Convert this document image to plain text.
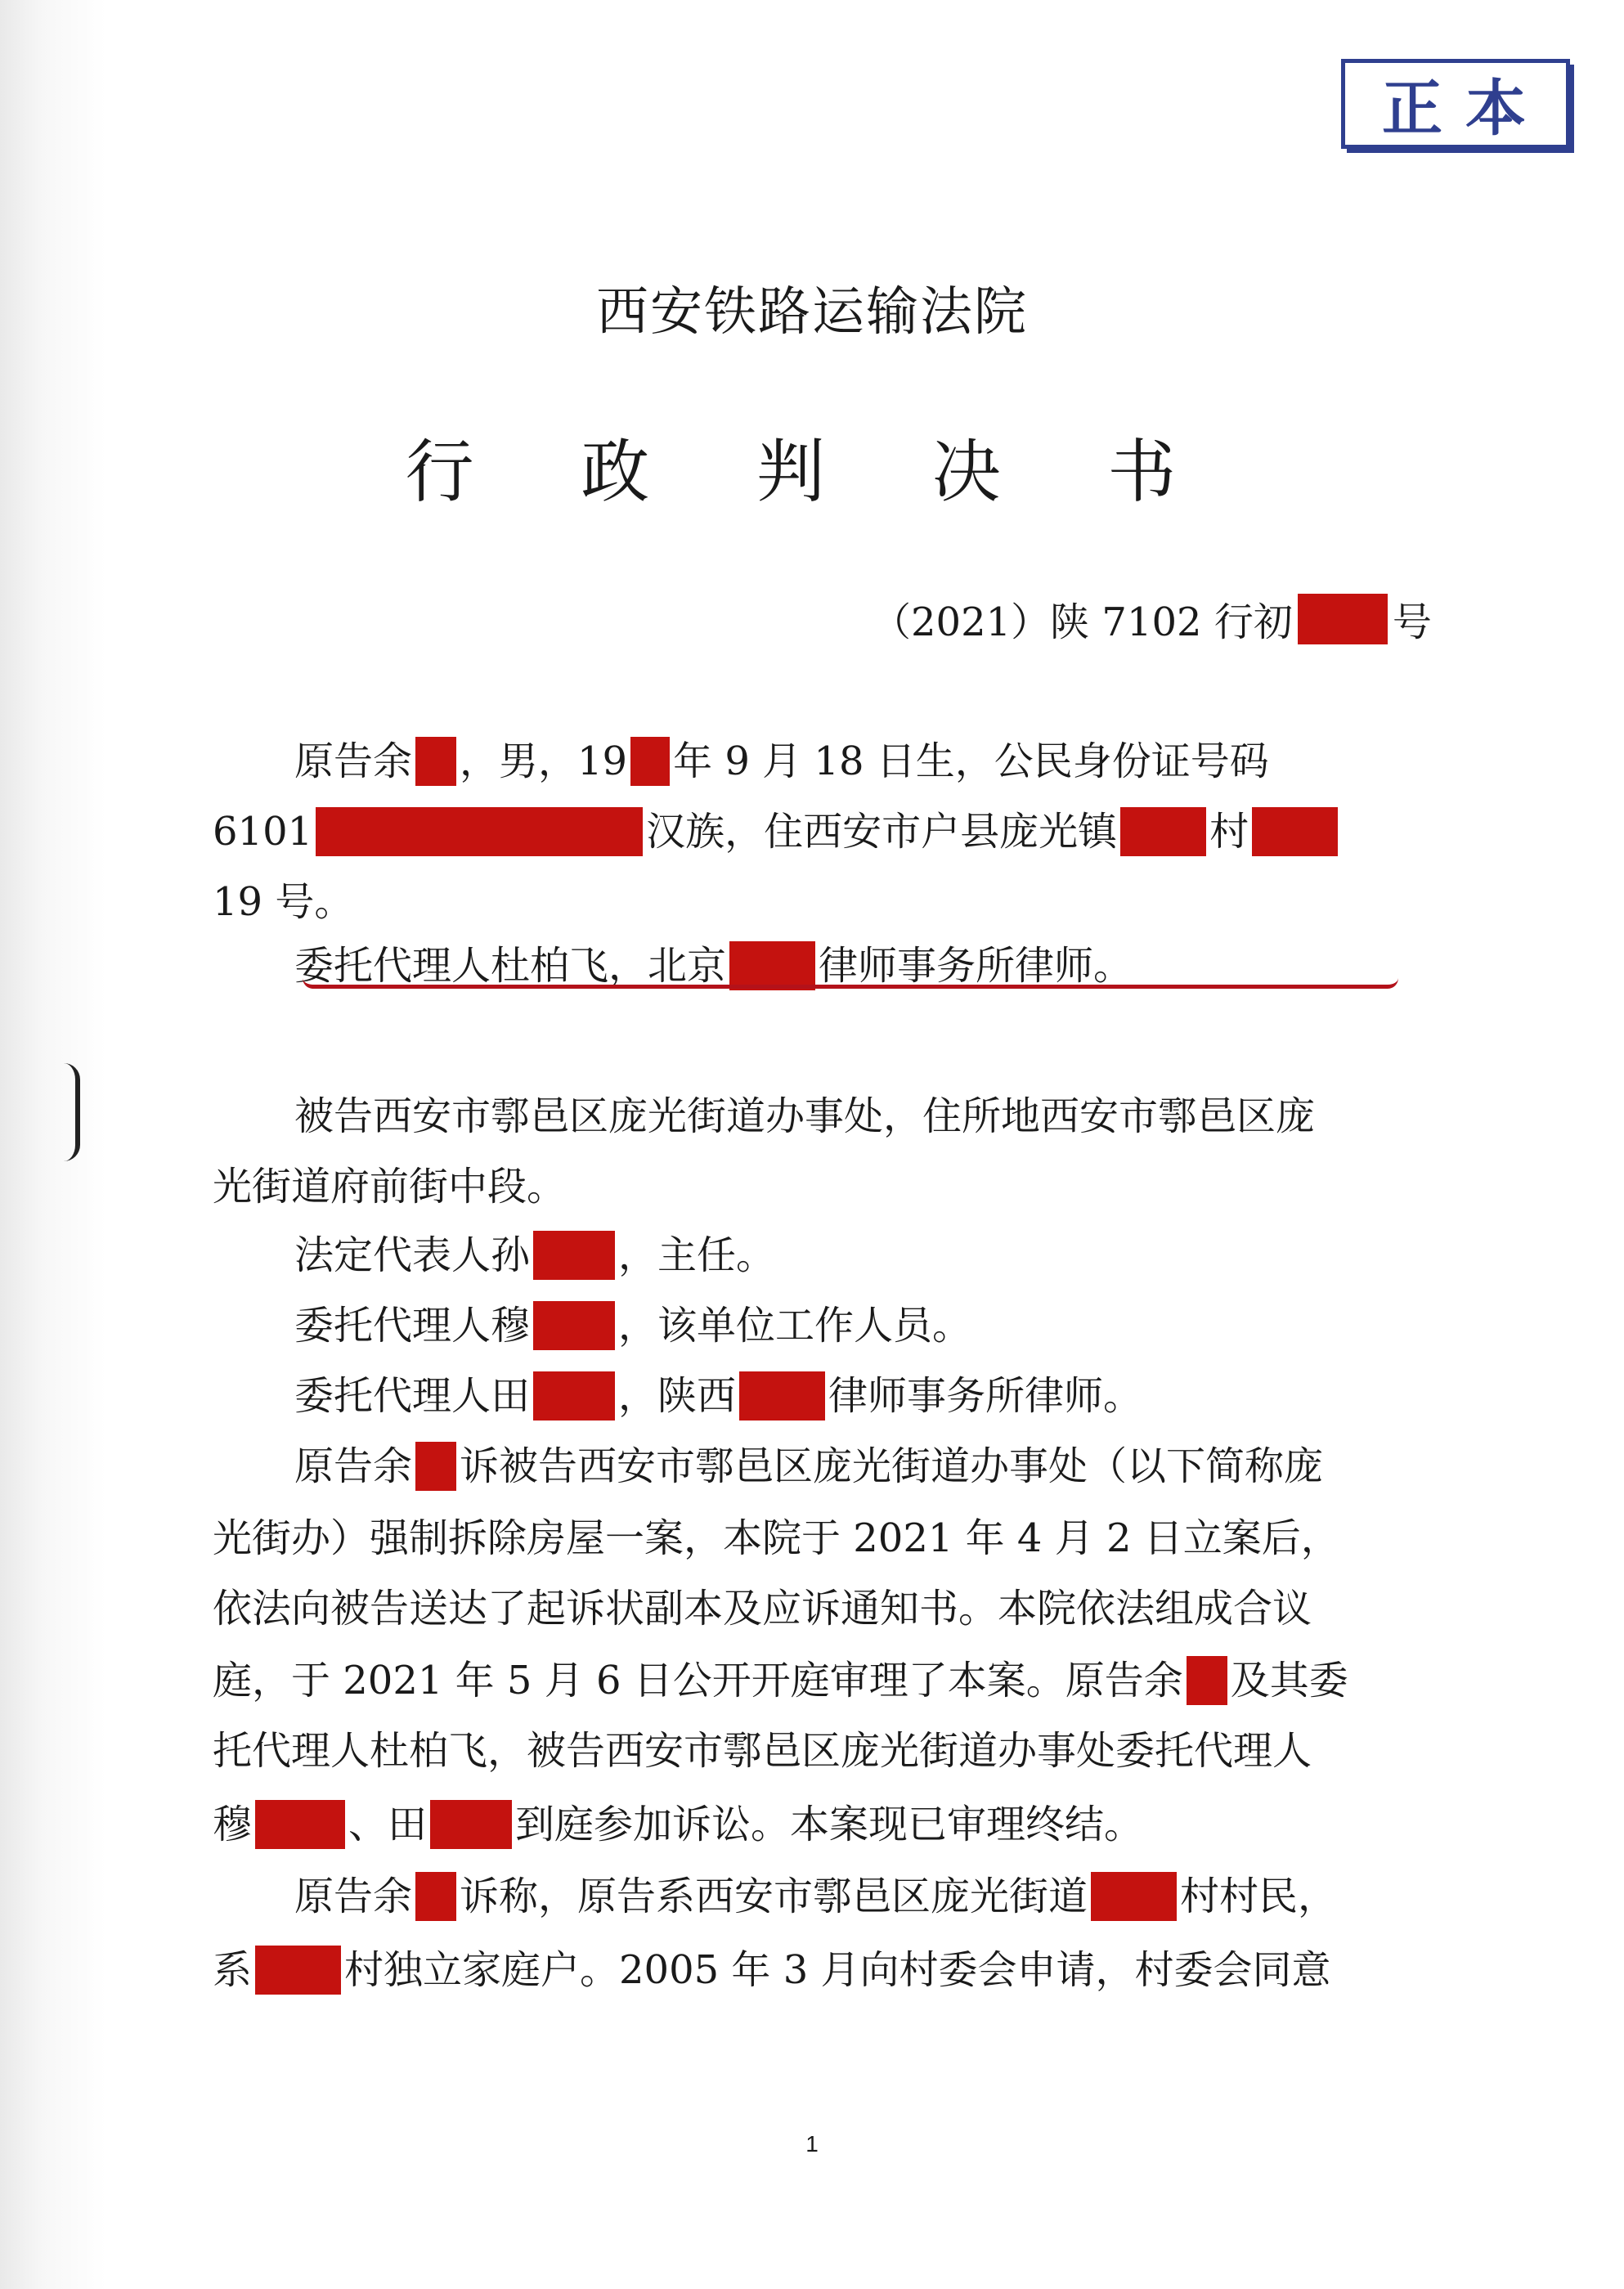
正本
西安铁路运输法院
行 政 判 决 书
（2021）陕 7102 行初	号
原告余 ，男，19 年 9 月 18 日生，公民身份证号码
6101	汉族，住西安市户县庞光镇 村
19 号。
委托代理人杜柏飞，北京 律师事务所律师。
被告西安市鄠邑区庞光街道办事处，住所地西安市鄠邑区庞
光街道府前街中段。
法定代表人孙 ，主任。
委托代理人穆 ，该单位工作人员。
委托代理人田 ，陕西 律师事务所律师。
原告余 诉被告西安市鄠邑区庞光街道办事处（以下简称庞
光街办）强制拆除房屋一案，本院于 2021 年 4 月 2 日立案后，
依法向被告送达了起诉状副本及应诉通知书。本院依法组成合议
庭，于 2021 年 5 月 6 日公开开庭审理了本案。原告余 及其委
托代理人杜柏飞，被告西安市鄠邑区庞光街道办事处委托代理人
穆 、田 到庭参加诉讼。本案现已审理终结。
原告余 诉称，原告系西安市鄠邑区庞光街道 村村民，
系 村独立家庭户。2005 年 3 月向村委会申请，村委会同意
1
